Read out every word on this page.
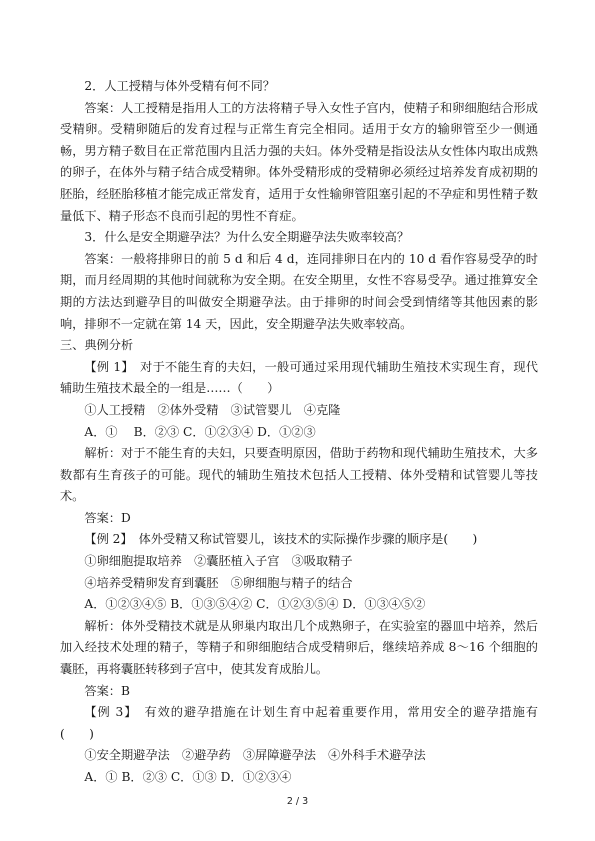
2．人工授精与体外受精有何不同？

答案：人工授精是指用人工的方法将精子导入女性子宫内，使精子和卵细胞结合形成受精卵。受精卵随后的发育过程与正常生育完全相同。适用于女方的输卵管至少一侧通畅，男方精子数目在正常范围内且活力强的夫妇。体外受精是指设法从女性体内取出成熟的卵子，在体外与精子结合成受精卵。体外受精形成的受精卵必须经过培养发育成初期的胚胎，经胚胎移植才能完成正常发育，适用于女性输卵管阻塞引起的不孕症和男性精子数量低下、精子形态不良而引起的男性不育症。

3．什么是安全期避孕法？为什么安全期避孕法失败率较高？

答案：一般将排卵日的前 5 d 和后 4 d，连同排卵日在内的 10 d 看作容易受孕的时期，而月经周期的其他时间就称为安全期。在安全期里，女性不容易受孕。通过推算安全期的方法达到避孕目的叫做安全期避孕法。由于排卵的时间会受到情绪等其他因素的影响，排卵不一定就在第 14 天，因此，安全期避孕法失败率较高。

三、典例分析

【例 1】　对于不能生育的夫妇，一般可通过采用现代辅助生殖技术实现生育，现代辅助生殖技术最全的一组是……（　　）

①人工授精　②体外受精　③试管婴儿　④克隆

A．①　 B．②③ C．①②③④ D．①②③

解析：对于不能生育的夫妇，只要查明原因，借助于药物和现代辅助生殖技术，大多数都有生育孩子的可能。现代的辅助生殖技术包括人工授精、体外受精和试管婴儿等技术。

答案：D

【例 2】　体外受精又称试管婴儿，该技术的实际操作步骤的顺序是(　　)

①卵细胞提取培养　②囊胚植入子宫　③吸取精子

④培养受精卵发育到囊胚　⑤卵细胞与精子的结合

A．①②③④⑤ B．①③⑤④② C．①②③⑤④ D．①③④⑤②

解析：体外受精技术就是从卵巢内取出几个成熟卵子，在实验室的器皿中培养，然后加入经技术处理的精子，等精子和卵细胞结合成受精卵后，继续培养成 8～16 个细胞的囊胚，再将囊胚转移到子宫中，使其发育成胎儿。

答案：B

【例 3】　有效的避孕措施在计划生育中起着重要作用，常用安全的避孕措施有(　　)

①安全期避孕法　②避孕药　③屏障避孕法　④外科手术避孕法

A．① B．②③ C．①③ D．①②③④

2 / 3
